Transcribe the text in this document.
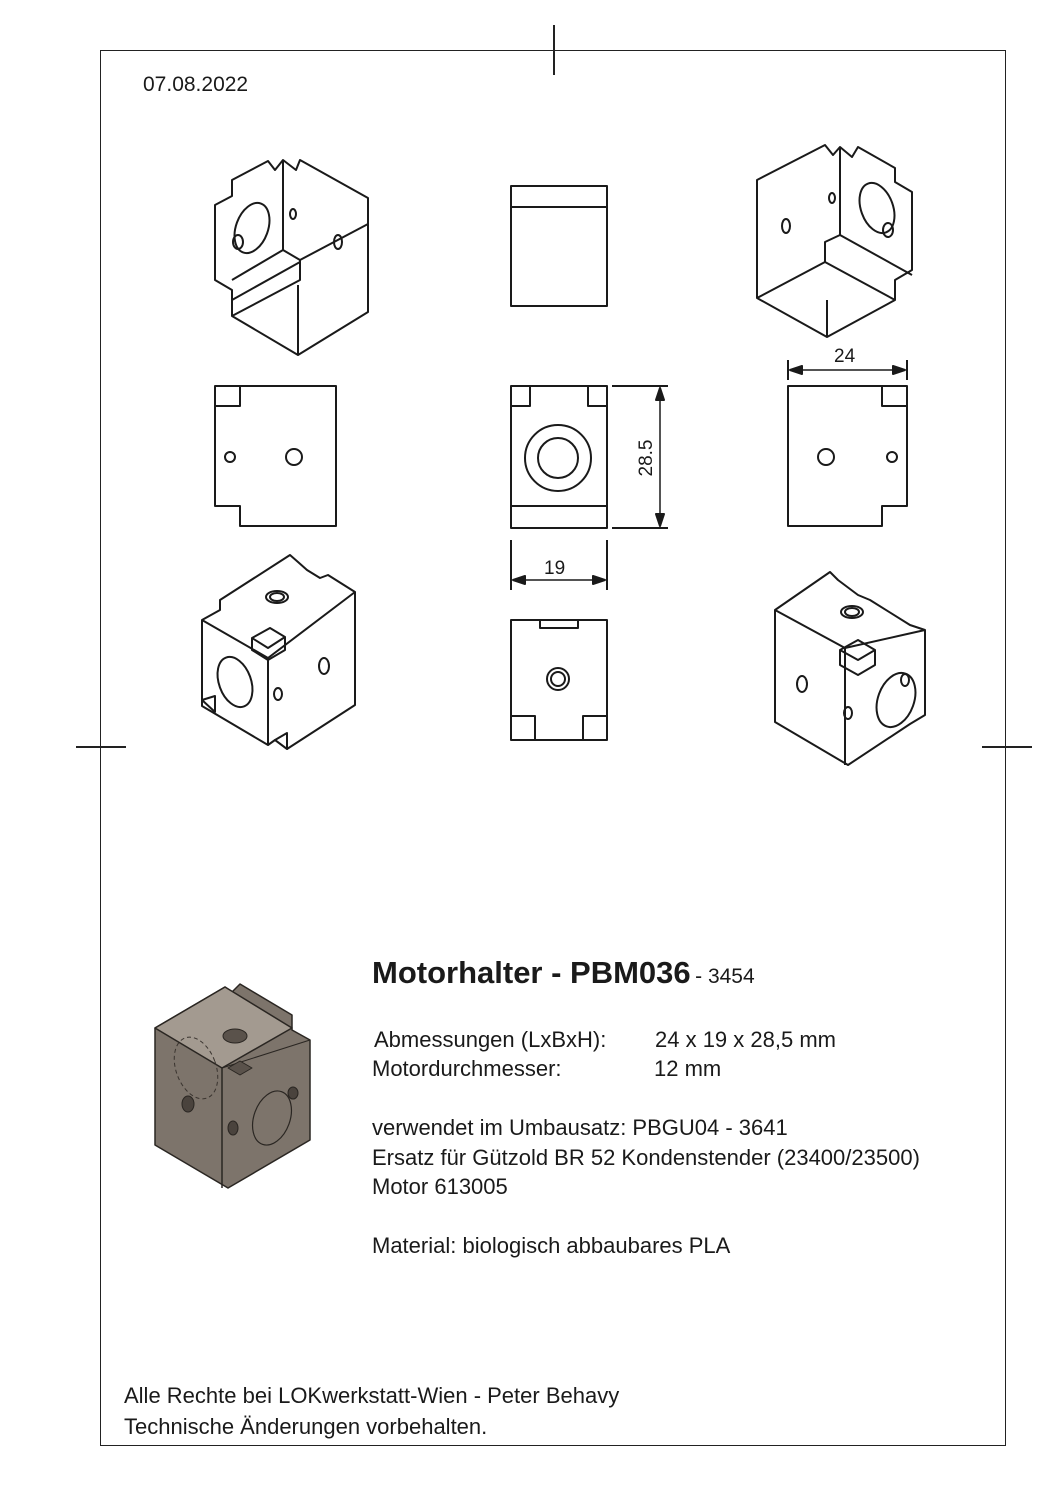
07.08.2022
24
19
28.5
Motorhalter - PBM036 - 3454
Abmessungen (LxBxH): 24 x 19 x 28,5 mm
Motordurchmesser:	12 mm
verwendet im Umbausatz: PBGU04 - 3641
Ersatz für Gützold BR 52 Kondenstender (23400/23500)
Motor 613005
Material: biologisch abbaubares PLA
Alle Rechte bei LOKwerkstatt-Wien - Peter Behavy
Technische Änderungen vorbehalten.
